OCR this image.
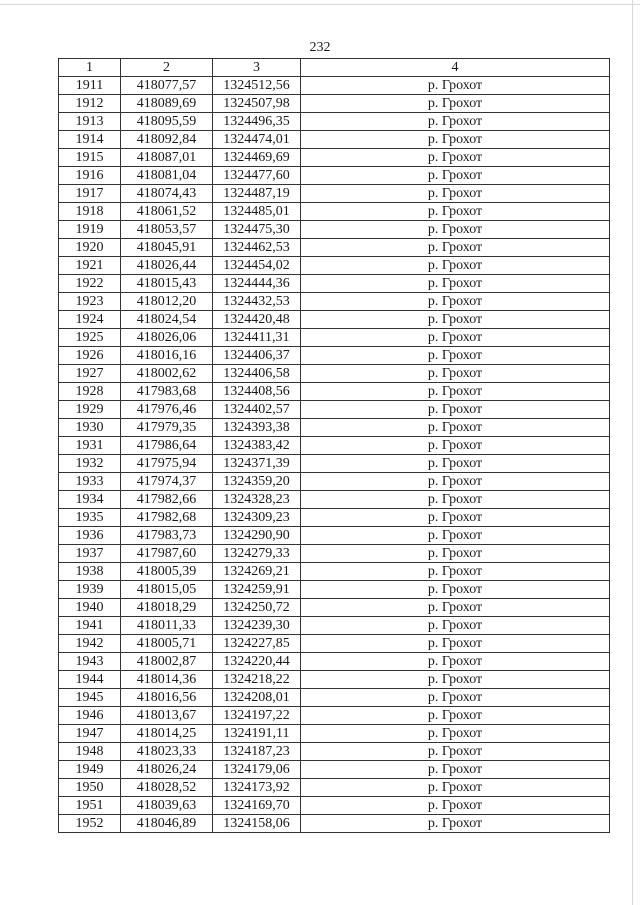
232
1	2	3	4
1911	418077,57	1324512,56	р. Грохот
1912	418089,69	1324507,98	р. Грохот
1913	418095,59	1324496,35	р. Грохот
1914	418092,84	1324474,01	р. Грохот
1915	418087,01	1324469,69	р. Грохот
1916	418081,04	1324477,60	р. Грохот
1917	418074,43	1324487,19	р. Грохот
1918	418061,52	1324485,01	р. Грохот
1919	418053,57	1324475,30	р. Грохот
1920	418045,91	1324462,53	р. Грохот
1921	418026,44	1324454,02	р. Грохот
1922	418015,43	1324444,36	р. Грохот
1923	418012,20	1324432,53	р. Грохот
1924	418024,54	1324420,48	р. Грохот
1925	418026,06	1324411,31	р. Грохот
1926	418016,16	1324406,37	р. Грохот
1927	418002,62	1324406,58	р. Грохот
1928	417983,68	1324408,56	р. Грохот
1929	417976,46	1324402,57	р. Грохот
1930	417979,35	1324393,38	р. Грохот
1931	417986,64	1324383,42	р. Грохот
1932	417975,94	1324371,39	р. Грохот
1933	417974,37	1324359,20	р. Грохот
1934	417982,66	1324328,23	р. Грохот
1935	417982,68	1324309,23	р. Грохот
1936	417983,73	1324290,90	р. Грохот
1937	417987,60	1324279,33	р. Грохот
1938	418005,39	1324269,21	р. Грохот
1939	418015,05	1324259,91	р. Грохот
1940	418018,29	1324250,72	р. Грохот
1941	418011,33	1324239,30	р. Грохот
1942	418005,71	1324227,85	р. Грохот
1943	418002,87	1324220,44	р. Грохот
1944	418014,36	1324218,22	р. Грохот
1945	418016,56	1324208,01	р. Грохот
1946	418013,67	1324197,22	р. Грохот
1947	418014,25	1324191,11	р. Грохот
1948	418023,33	1324187,23	р. Грохот
1949	418026,24	1324179,06	р. Грохот
1950	418028,52	1324173,92	р. Грохот
1951	418039,63	1324169,70	р. Грохот
1952	418046,89	1324158,06	р. Грохот
